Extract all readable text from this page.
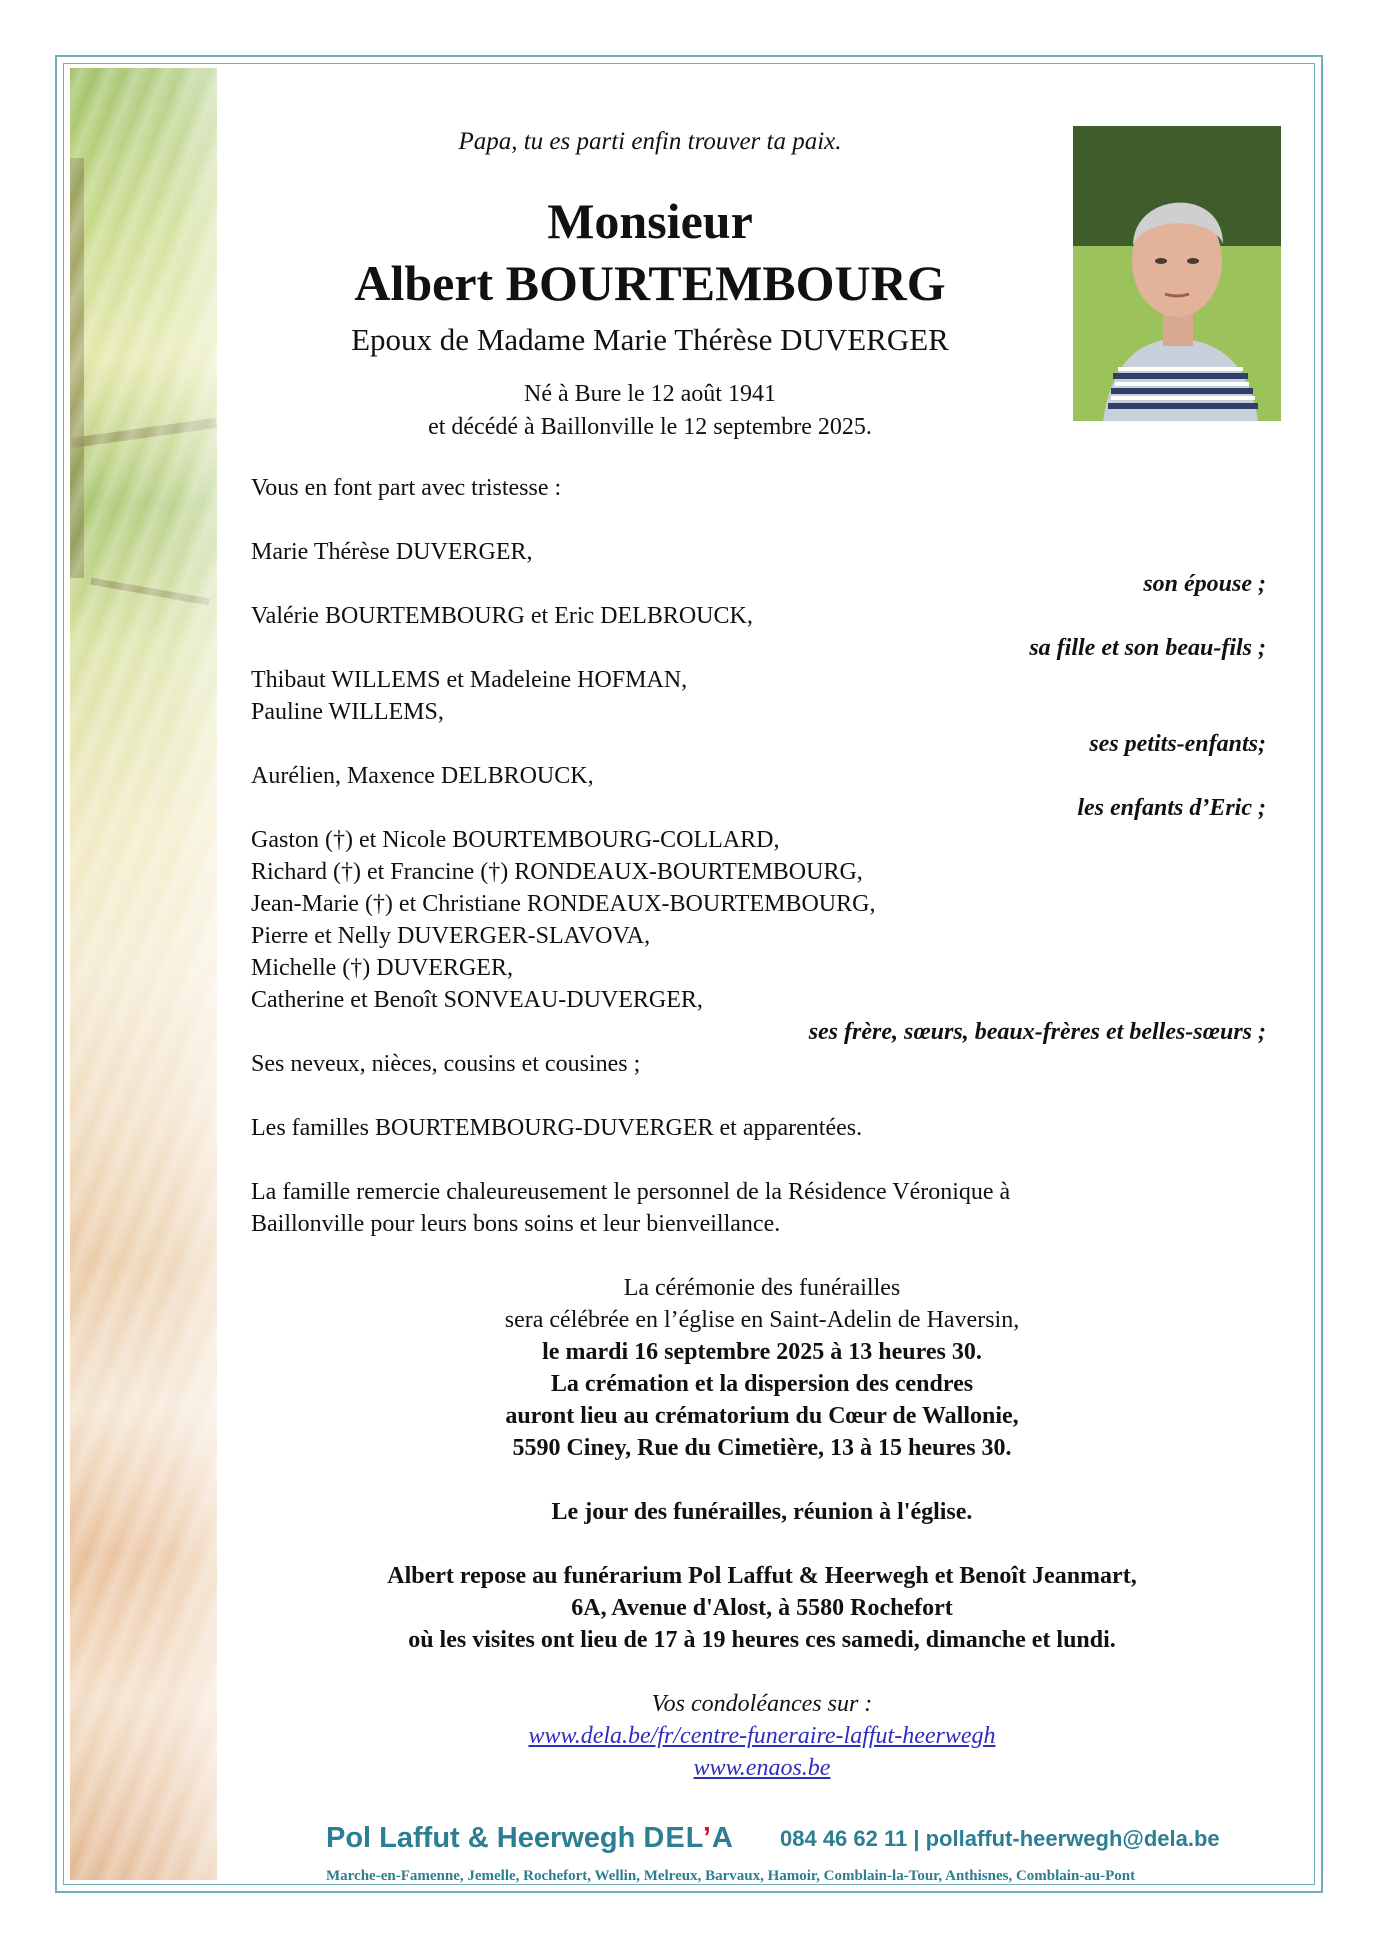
Papa, tu es parti enfin trouver ta paix.
Monsieur
Albert BOURTEMBOURG
Epoux de Madame Marie Thérèse DUVERGER
Né à Bure le 12 août 1941
et décédé à Baillonville le 12 septembre 2025.
Vous en font part avec tristesse :
Marie Thérèse DUVERGER,
son épouse ;
Valérie BOURTEMBOURG et Eric DELBROUCK,
sa fille et son beau-fils ;
Thibaut WILLEMS et Madeleine HOFMAN,
Pauline WILLEMS,
ses petits-enfants;
Aurélien, Maxence DELBROUCK,
les enfants d’Eric ;
Gaston (†) et Nicole BOURTEMBOURG-COLLARD,
Richard (†) et Francine (†) RONDEAUX-BOURTEMBOURG,
Jean-Marie (†) et Christiane RONDEAUX-BOURTEMBOURG,
Pierre et Nelly DUVERGER-SLAVOVA,
Michelle (†) DUVERGER,
Catherine et Benoît SONVEAU-DUVERGER,
ses frère, sœurs, beaux-frères et belles-sœurs ;
Ses neveux, nièces, cousins et cousines ;
Les familles BOURTEMBOURG-DUVERGER et apparentées.
La famille remercie chaleureusement le personnel de la Résidence Véronique à
Baillonville pour leurs bons soins et leur bienveillance.
La cérémonie des funérailles
sera célébrée en l’église en Saint-Adelin de Haversin,
le mardi 16 septembre 2025 à 13 heures 30.
La crémation et la dispersion des cendres
auront lieu au crématorium du Cœur de Wallonie,
5590 Ciney, Rue du Cimetière, 13 à 15 heures 30.
Le jour des funérailles, réunion à l'église.
Albert repose au funérarium Pol Laffut & Heerwegh et Benoît Jeanmart,
6A, Avenue d'Alost, à 5580 Rochefort
où les visites ont lieu de 17 à 19 heures ces samedi, dimanche et lundi.
Vos condoléances sur :
www.dela.be/fr/centre-funeraire-laffut-heerwegh
www.enaos.be
Pol Laffut & Heerwegh DEL’A 084 46 62 11 | pollaffut-heerwegh@dela.be
Marche-en-Famenne, Jemelle, Rochefort, Wellin, Melreux, Barvaux, Hamoir, Comblain-la-Tour, Anthisnes, Comblain-au-Pont
